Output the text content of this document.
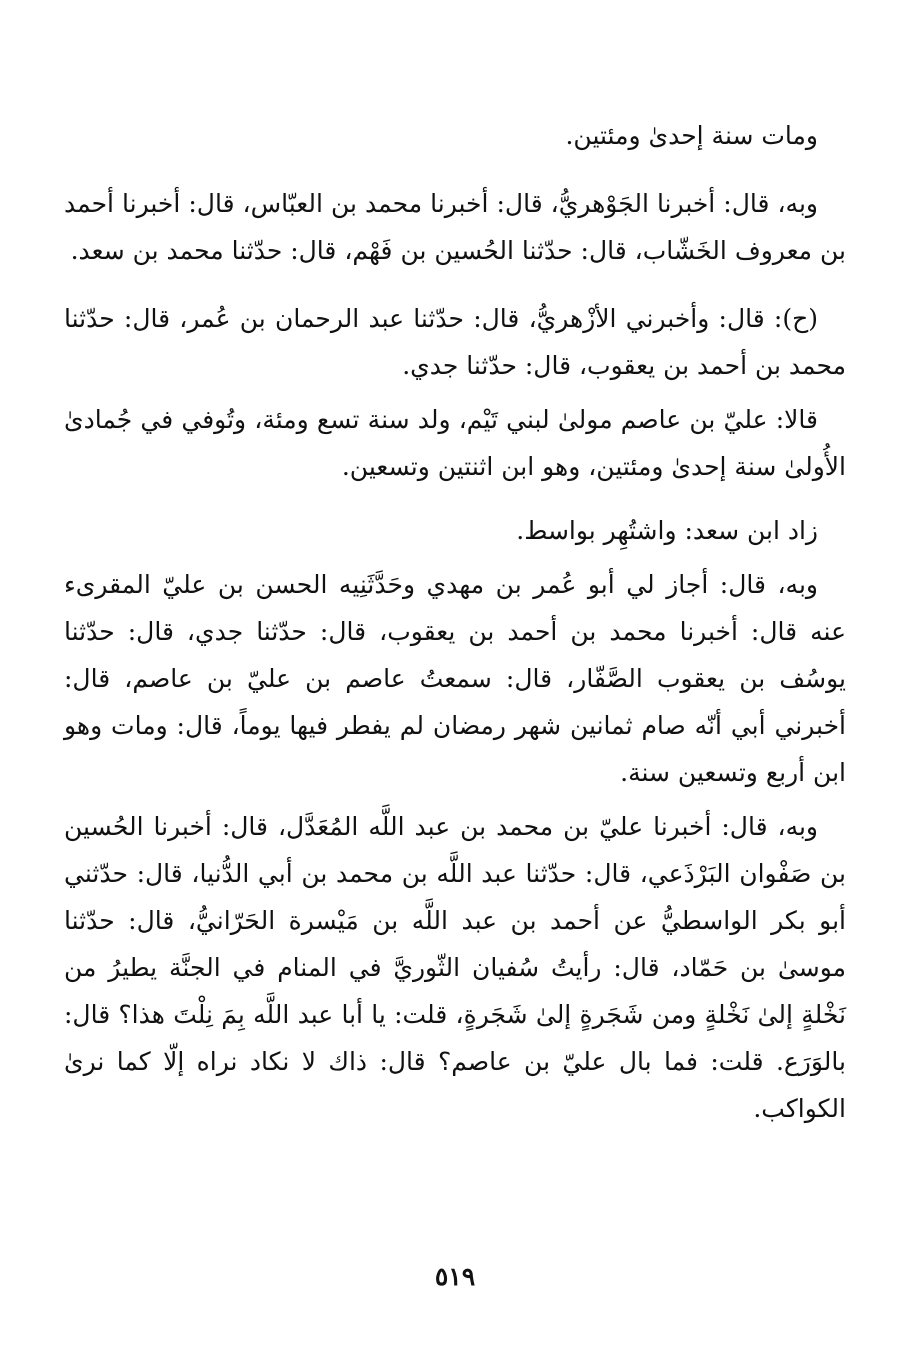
ومات سنة إحدىٰ ومئتين.

وبه، قال: أخبرنا الجَوْهريُّ، قال: أخبرنا محمد بن العبّاس، قال: أخبرنا أحمد بن معروف الخَشّاب، قال: حدّثنا الحُسين بن فَهْم، قال: حدّثنا محمد بن سعد.

(ح): قال: وأخبرني الأزْهريُّ، قال: حدّثنا عبد الرحمان بن عُمر، قال: حدّثنا محمد بن أحمد بن يعقوب، قال: حدّثنا جدي.

قالا: عليّ بن عاصم مولىٰ لبني تَيْم، ولد سنة تسع ومئة، وتُوفي في جُمادىٰ الأُولىٰ سنة إحدىٰ ومئتين، وهو ابن اثنتين وتسعين.

زاد ابن سعد: واشتُهِر بواسط.

وبه، قال: أجاز لي أبو عُمر بن مهدي وحَدَّثَنِيه الحسن بن عليّ المقرىء عنه قال: أخبرنا محمد بن أحمد بن يعقوب، قال: حدّثنا جدي، قال: حدّثنا يوسُف بن يعقوب الصَّفّار، قال: سمعتُ عاصم بن عليّ بن عاصم، قال: أخبرني أبي أنّه صام ثمانين شهر رمضان لم يفطر فيها يوماً، قال: ومات وهو ابن أربع وتسعين سنة.

وبه، قال: أخبرنا عليّ بن محمد بن عبد اللَّه المُعَدَّل، قال: أخبرنا الحُسين بن صَفْوان البَرْذَعي، قال: حدّثنا عبد اللَّه بن محمد بن أبي الدُّنيا، قال: حدّثني أبو بكر الواسطيُّ عن أحمد بن عبد اللَّه بن مَيْسرة الحَرّانيُّ، قال: حدّثنا موسىٰ بن حَمّاد، قال: رأيتُ سُفيان الثّوريَّ في المنام في الجنَّة يطيرُ من نَخْلةٍ إلىٰ نَخْلةٍ ومن شَجَرةٍ إلىٰ شَجَرةٍ، قلت: يا أبا عبد اللَّه بِمَ نِلْتَ هذا؟ قال: بالوَرَع. قلت: فما بال عليّ بن عاصم؟ قال: ذاك لا نكاد نراه إلّا كما نرىٰ الكواكب.

٥١٩
